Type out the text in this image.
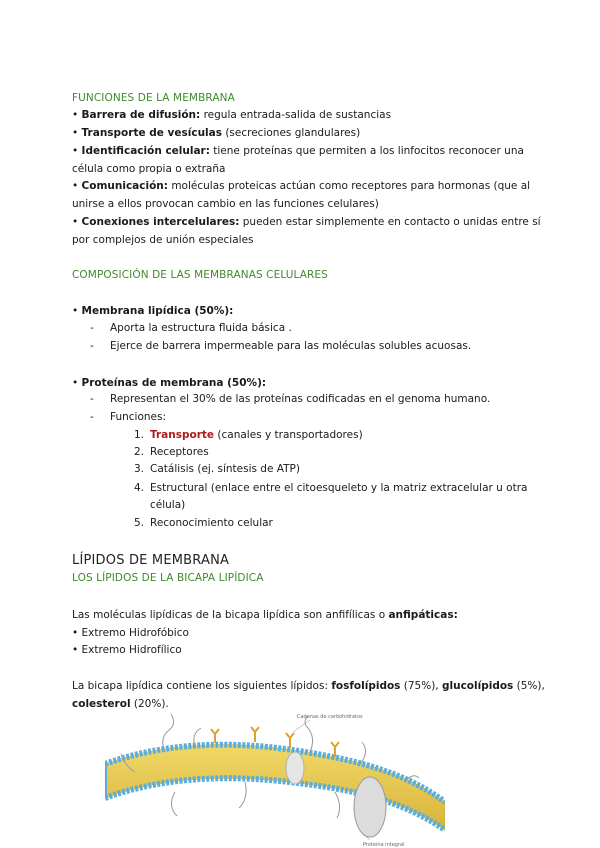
FUNCIONES DE LA MEMBRANA
• Barrera de difusión: regula entrada-salida de sustancias
• Transporte de vesículas (secreciones glandulares)
• Identificación celular: tiene proteínas que permiten a los linfocitos reconocer una
célula como propia o extraña
• Comunicación: moléculas proteicas actúan como receptores para hormonas (que al
unirse a ellos provocan cambio en las funciones celulares)
• Conexiones intercelulares: pueden estar simplemente en contacto o unidas entre sí
por complejos de unión especiales
COMPOSICIÓN DE LAS MEMBRANAS CELULARES
• Membrana lipídica (50%):
- Aporta la estructura fluida básica .
- Ejerce de barrera impermeable para las moléculas solubles acuosas.
• Proteínas de membrana (50%):
- Representan el 30% de las proteínas codificadas en el genoma humano.
- Funciones:
1. Transporte (canales y transportadores)
2. Receptores
3. Catálisis (ej. síntesis de ATP)
4. Estructural (enlace entre el citoesqueleto y la matriz extracelular u otra
célula)
5. Reconocimiento celular
LÍPIDOS DE MEMBRANA
LOS LÍPIDOS DE LA BICAPA LIPÍDICA
Las moléculas lipídicas de la bicapa lipídica son anfifílicas o anfipáticas:
• Extremo Hidrofóbico
• Extremo Hidrofílico
La bicapa lipídica contiene los siguientes lípidos: fosfolípidos (75%), glucolípidos (5%),
colesterol (20%).
Cadenas de carbohidratos
Proteína integral
